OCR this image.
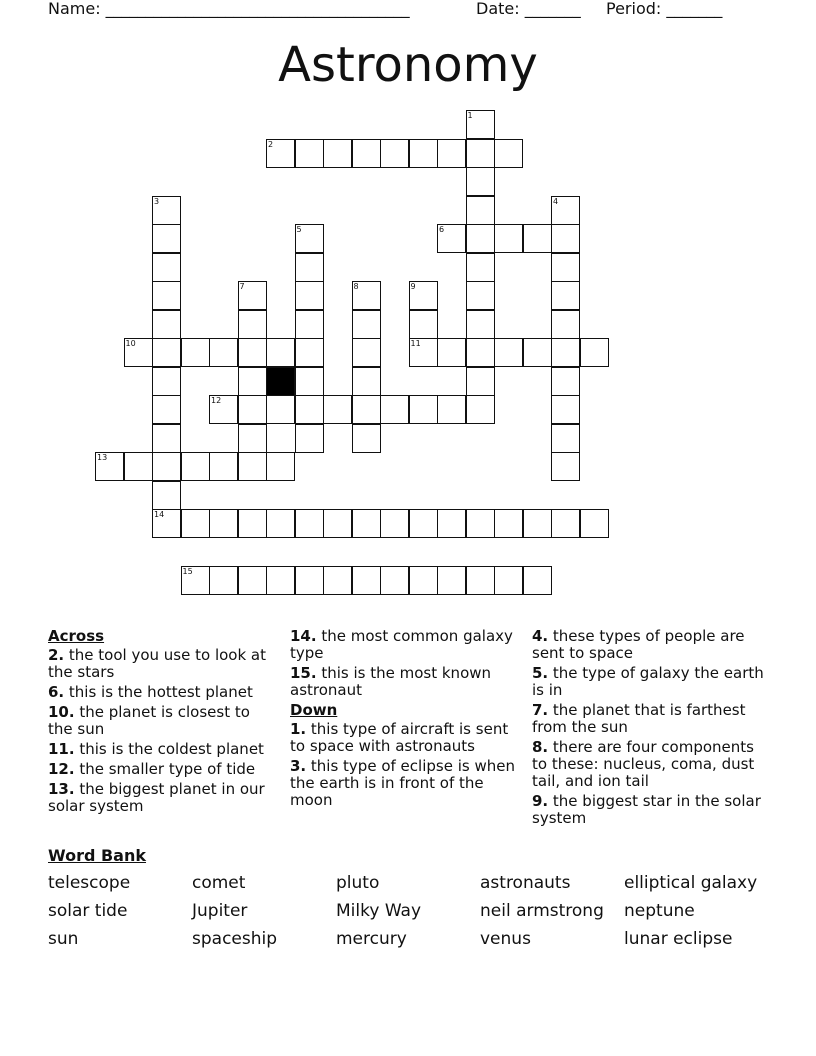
Name: ______________________________________

	Date: _______

Period: _______

Astronomy
2
6
10	11
12
13
14
15
1
3	4
5
7	8	9
Across
2. the tool you use to look at the stars
6. this is the hottest planet
10. the planet is closest to the sun
11. this is the coldest planet
12. the smaller type of tide
13. the biggest planet in our solar system
14. the most common galaxy type
15. this is the most known astronaut
Down
1. this type of aircraft is sent to space with astronauts
3. this type of eclipse is when the earth is in front of the moon
4. these types of people are sent to space
5. the type of galaxy the earth is in
7. the planet that is farthest from the sun
8. there are four components to these: nucleus, coma, dust tail, and ion tail
9. the biggest star in the solar system
Word Bank
telescope	comet	pluto	astronauts	elliptical galaxy
solar tide	Jupiter	Milky Way	neil armstrong	neptune
sun	spaceship	mercury	venus	lunar eclipse
